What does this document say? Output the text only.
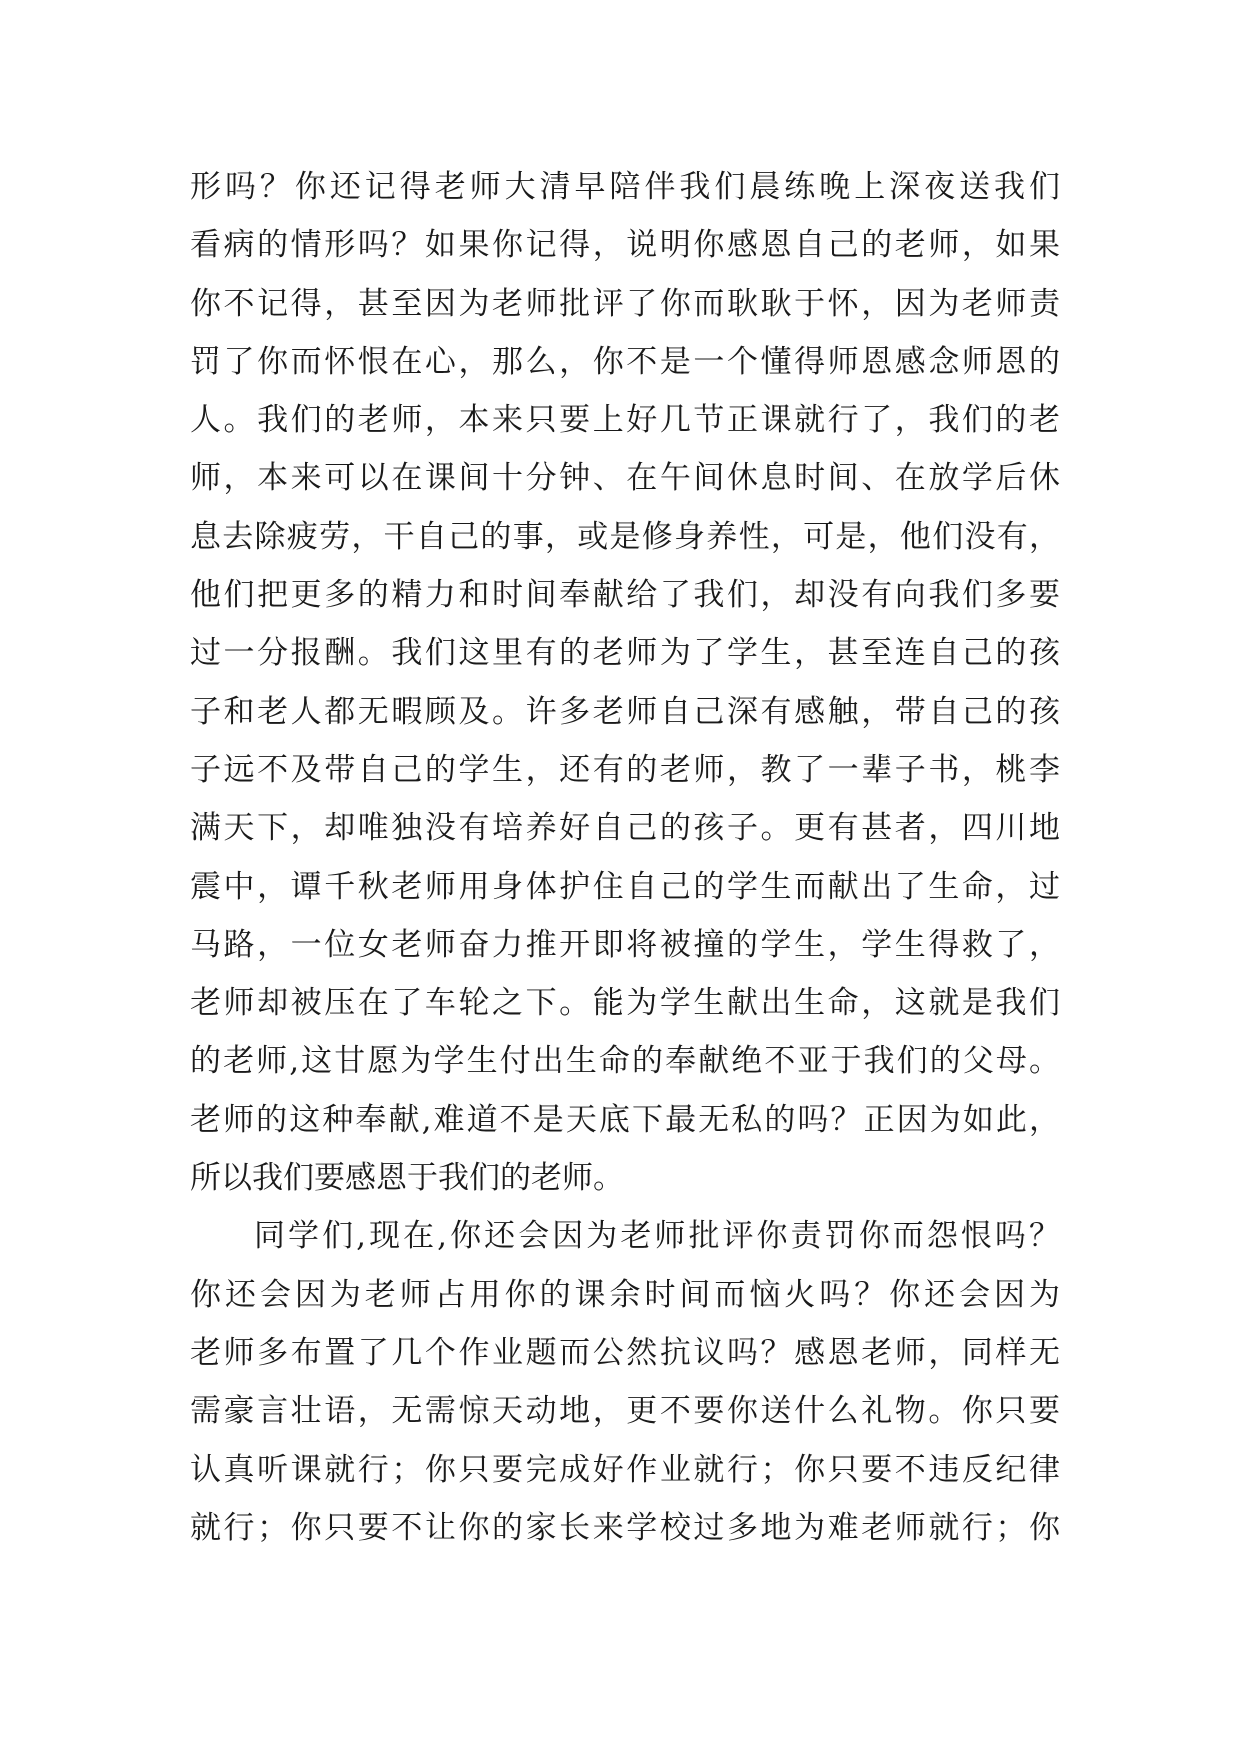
形吗？你还记得老师大清早陪伴我们晨练晚上深夜送我们
看病的情形吗？如果你记得，说明你感恩自己的老师，如果
你不记得，甚至因为老师批评了你而耿耿于怀，因为老师责
罚了你而怀恨在心，那么，你不是一个懂得师恩感念师恩的
人。我们的老师，本来只要上好几节正课就行了，我们的老
师，本来可以在课间十分钟、在午间休息时间、在放学后休
息去除疲劳，干自己的事，或是修身养性，可是，他们没有，
他们把更多的精力和时间奉献给了我们，却没有向我们多要
过一分报酬。我们这里有的老师为了学生，甚至连自己的孩
子和老人都无暇顾及。许多老师自己深有感触，带自己的孩
子远不及带自己的学生，还有的老师，教了一辈子书，桃李
满天下，却唯独没有培养好自己的孩子。更有甚者，四川地
震中，谭千秋老师用身体护住自己的学生而献出了生命，过
马路，一位女老师奋力推开即将被撞的学生，学生得救了，
老师却被压在了车轮之下。能为学生献出生命，这就是我们
的老师,这甘愿为学生付出生命的奉献绝不亚于我们的父母。
老师的这种奉献,难道不是天底下最无私的吗？正因为如此，
所以我们要感恩于我们的老师。
同学们,现在,你还会因为老师批评你责罚你而怨恨吗？
你还会因为老师占用你的课余时间而恼火吗？你还会因为
老师多布置了几个作业题而公然抗议吗？感恩老师，同样无
需豪言壮语，无需惊天动地，更不要你送什么礼物。你只要
认真听课就行；你只要完成好作业就行；你只要不违反纪律
就行；你只要不让你的家长来学校过多地为难老师就行；你
